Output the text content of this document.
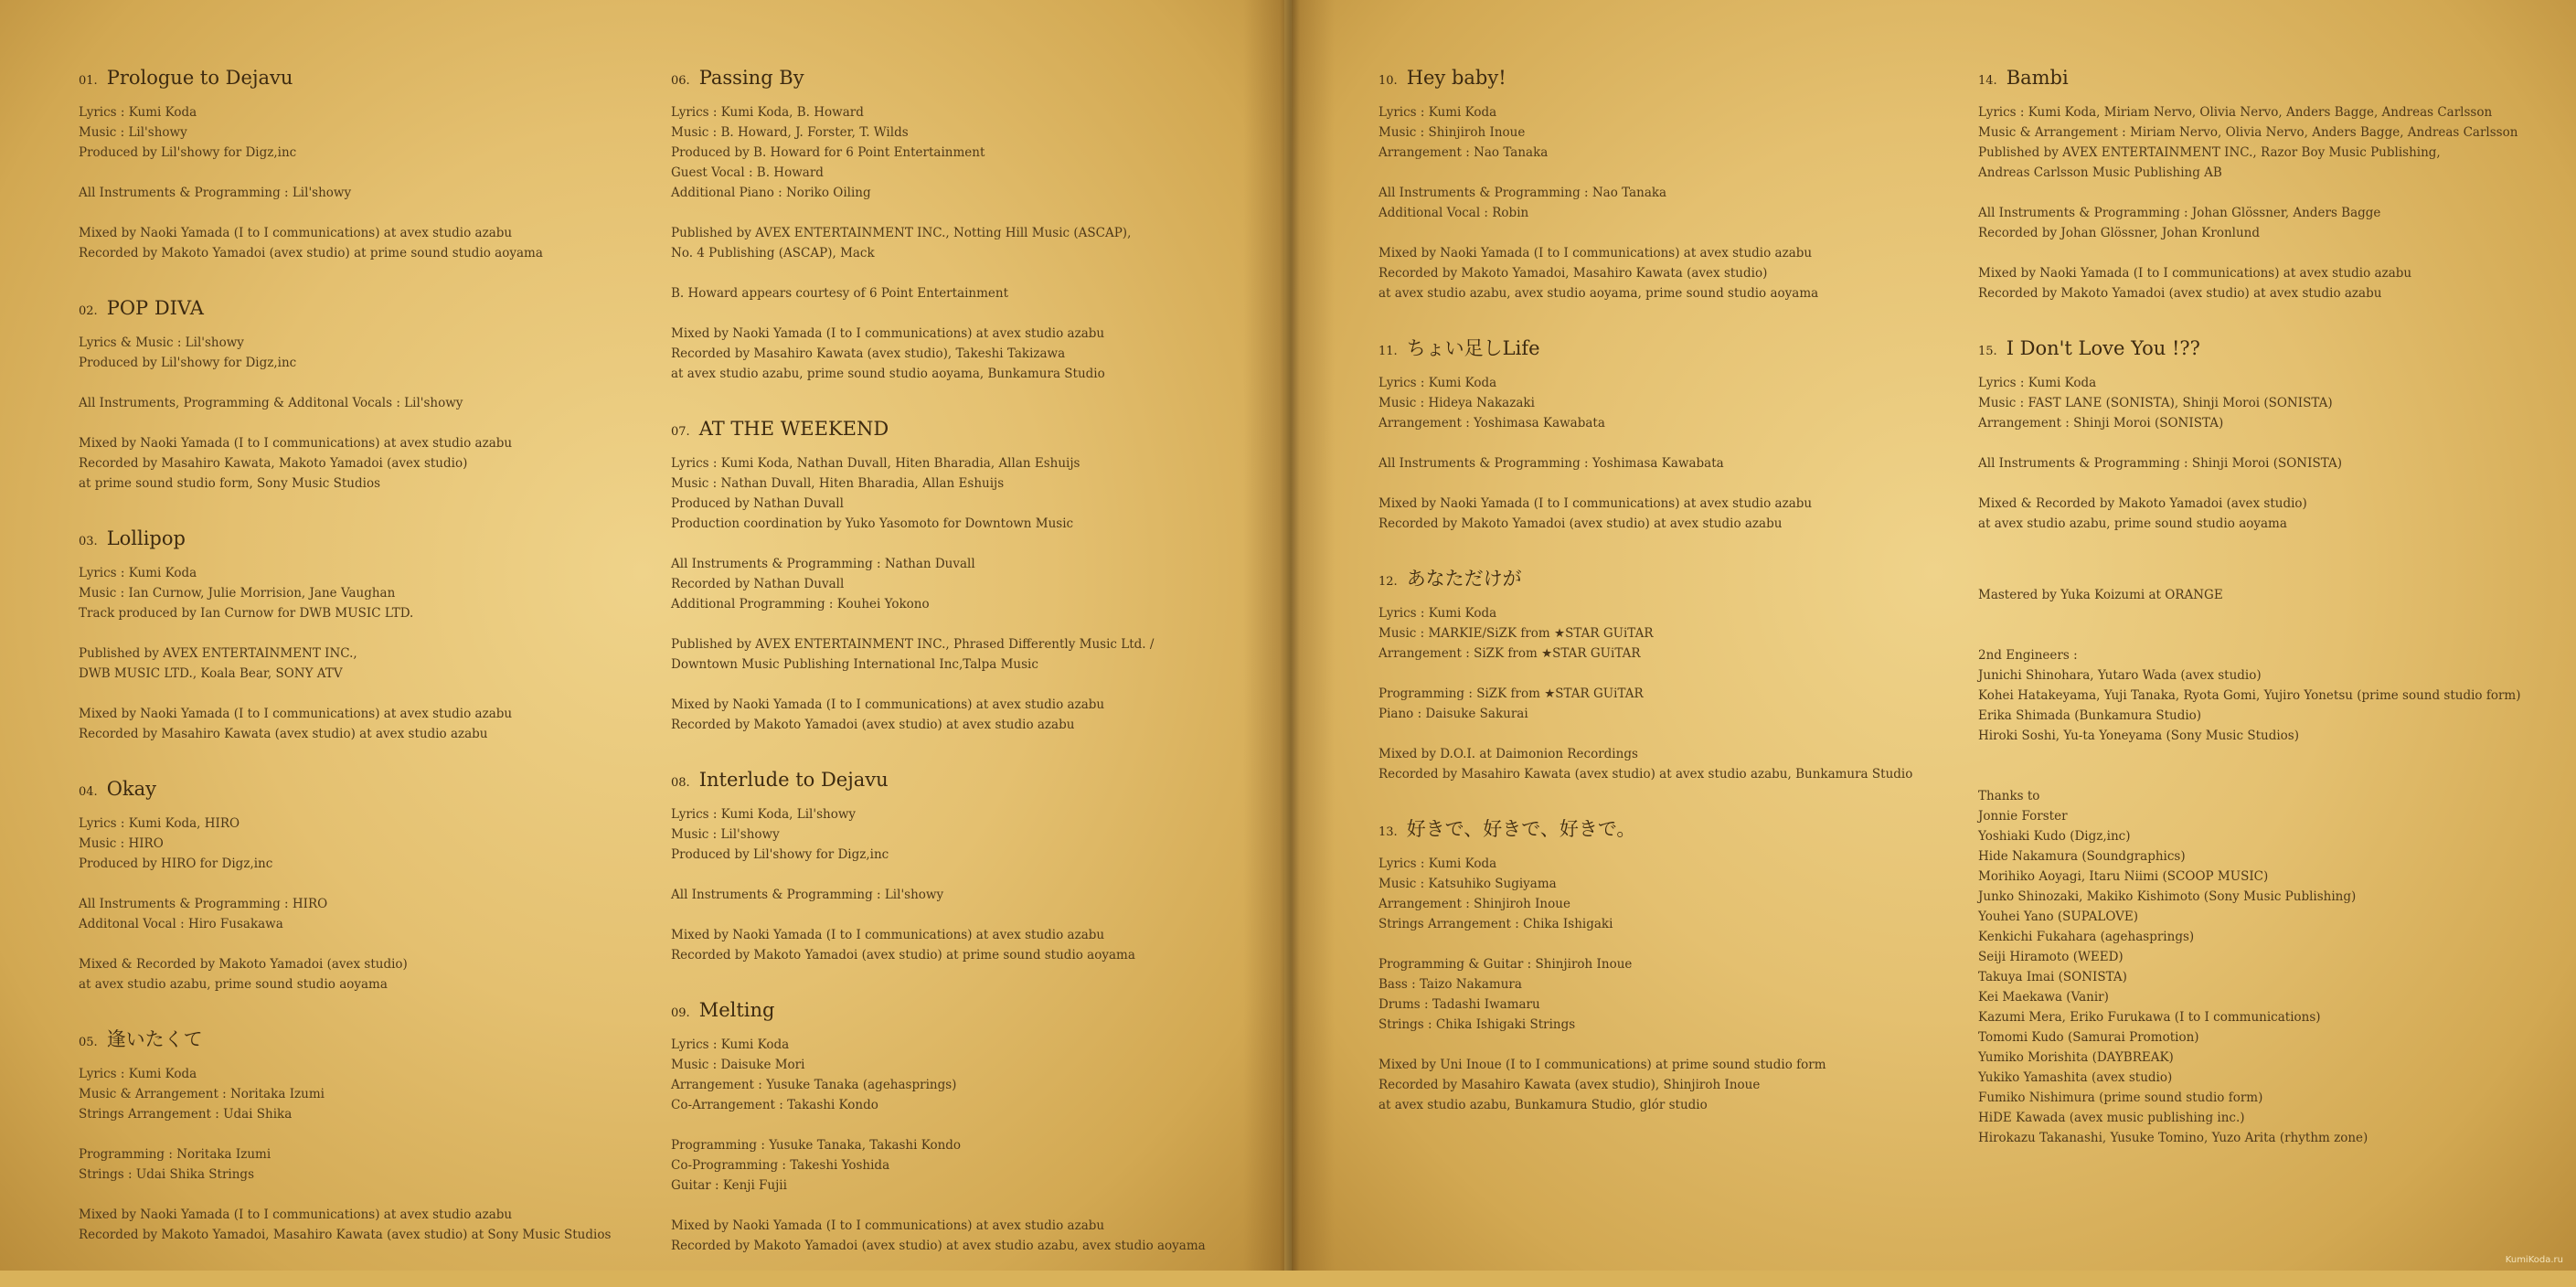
01. Prologue to Dejavu
Lyrics : Kumi Koda
Music : Lil'showy
Produced by Lil'showy for Digz,inc
All Instruments & Programming : Lil'showy
Mixed by Naoki Yamada (I to I communications) at avex studio azabu
Recorded by Makoto Yamadoi (avex studio) at prime sound studio aoyama
02. POP DIVA
Lyrics & Music : Lil'showy
Produced by Lil'showy for Digz,inc
All Instruments, Programming & Additonal Vocals : Lil'showy
Mixed by Naoki Yamada (I to I communications) at avex studio azabu
Recorded by Masahiro Kawata, Makoto Yamadoi (avex studio)
at prime sound studio form, Sony Music Studios
03. Lollipop
Lyrics : Kumi Koda
Music : Ian Curnow, Julie Morrision, Jane Vaughan
Track produced by Ian Curnow for DWB MUSIC LTD.
Published by AVEX ENTERTAINMENT INC.,
DWB MUSIC LTD., Koala Bear, SONY ATV
Mixed by Naoki Yamada (I to I communications) at avex studio azabu
Recorded by Masahiro Kawata (avex studio) at avex studio azabu
04. Okay
Lyrics : Kumi Koda, HIRO
Music : HIRO
Produced by HIRO for Digz,inc
All Instruments & Programming : HIRO
Additonal Vocal : Hiro Fusakawa
Mixed & Recorded by Makoto Yamadoi (avex studio)
at avex studio azabu, prime sound studio aoyama
05. 逢いたくて
Lyrics : Kumi Koda
Music & Arrangement : Noritaka Izumi
Strings Arrangement : Udai Shika
Programming : Noritaka Izumi
Strings : Udai Shika Strings
Mixed by Naoki Yamada (I to I communications) at avex studio azabu
Recorded by Makoto Yamadoi, Masahiro Kawata (avex studio) at Sony Music Studios
06. Passing By
Lyrics : Kumi Koda, B. Howard
Music : B. Howard, J. Forster, T. Wilds
Produced by B. Howard for 6 Point Entertainment
Guest Vocal : B. Howard
Additional Piano : Noriko Oiling
Published by AVEX ENTERTAINMENT INC., Notting Hill Music (ASCAP),
No. 4 Publishing (ASCAP), Mack
B. Howard appears courtesy of 6 Point Entertainment
Mixed by Naoki Yamada (I to I communications) at avex studio azabu
Recorded by Masahiro Kawata (avex studio), Takeshi Takizawa
at avex studio azabu, prime sound studio aoyama, Bunkamura Studio
07. AT THE WEEKEND
Lyrics : Kumi Koda, Nathan Duvall, Hiten Bharadia, Allan Eshuijs
Music : Nathan Duvall, Hiten Bharadia, Allan Eshuijs
Produced by Nathan Duvall
Production coordination by Yuko Yasomoto for Downtown Music
All Instruments & Programming : Nathan Duvall
Recorded by Nathan Duvall
Additional Programming : Kouhei Yokono
Published by AVEX ENTERTAINMENT INC., Phrased Differently Music Ltd. /
Downtown Music Publishing International Inc,Talpa Music
Mixed by Naoki Yamada (I to I communications) at avex studio azabu
Recorded by Makoto Yamadoi (avex studio) at avex studio azabu
08. Interlude to Dejavu
Lyrics : Kumi Koda, Lil'showy
Music : Lil'showy
Produced by Lil'showy for Digz,inc
All Instruments & Programming : Lil'showy
Mixed by Naoki Yamada (I to I communications) at avex studio azabu
Recorded by Makoto Yamadoi (avex studio) at prime sound studio aoyama
09. Melting
Lyrics : Kumi Koda
Music : Daisuke Mori
Arrangement : Yusuke Tanaka (agehasprings)
Co-Arrangement : Takashi Kondo
Programming : Yusuke Tanaka, Takashi Kondo
Co-Programming : Takeshi Yoshida
Guitar : Kenji Fujii
Mixed by Naoki Yamada (I to I communications) at avex studio azabu
Recorded by Makoto Yamadoi (avex studio) at avex studio azabu, avex studio aoyama
10. Hey baby!
Lyrics : Kumi Koda
Music : Shinjiroh Inoue
Arrangement : Nao Tanaka
All Instruments & Programming : Nao Tanaka
Additional Vocal : Robin
Mixed by Naoki Yamada (I to I communications) at avex studio azabu
Recorded by Makoto Yamadoi, Masahiro Kawata (avex studio)
at avex studio azabu, avex studio aoyama, prime sound studio aoyama
11. ちょい足しLife
Lyrics : Kumi Koda
Music : Hideya Nakazaki
Arrangement : Yoshimasa Kawabata
All Instruments & Programming : Yoshimasa Kawabata
Mixed by Naoki Yamada (I to I communications) at avex studio azabu
Recorded by Makoto Yamadoi (avex studio) at avex studio azabu
12. あなただけが
Lyrics : Kumi Koda
Music : MARKIE/SiZK from ★STAR GUiTAR
Arrangement : SiZK from ★STAR GUiTAR
Programming : SiZK from ★STAR GUiTAR
Piano : Daisuke Sakurai
Mixed by D.O.I. at Daimonion Recordings
Recorded by Masahiro Kawata (avex studio) at avex studio azabu, Bunkamura Studio
13. 好きで、好きで、好きで。
Lyrics : Kumi Koda
Music : Katsuhiko Sugiyama
Arrangement : Shinjiroh Inoue
Strings Arrangement : Chika Ishigaki
Programming & Guitar : Shinjiroh Inoue
Bass : Taizo Nakamura
Drums : Tadashi Iwamaru
Strings : Chika Ishigaki Strings
Mixed by Uni Inoue (I to I communications) at prime sound studio form
Recorded by Masahiro Kawata (avex studio), Shinjiroh Inoue
at avex studio azabu, Bunkamura Studio, glór studio
14. Bambi
Lyrics : Kumi Koda, Miriam Nervo, Olivia Nervo, Anders Bagge, Andreas Carlsson
Music & Arrangement : Miriam Nervo, Olivia Nervo, Anders Bagge, Andreas Carlsson
Published by AVEX ENTERTAINMENT INC., Razor Boy Music Publishing,
Andreas Carlsson Music Publishing AB
All Instruments & Programming : Johan Glössner, Anders Bagge
Recorded by Johan Glössner, Johan Kronlund
Mixed by Naoki Yamada (I to I communications) at avex studio azabu
Recorded by Makoto Yamadoi (avex studio) at avex studio azabu
15. I Don't Love You !??
Lyrics : Kumi Koda
Music : FAST LANE (SONISTA), Shinji Moroi (SONISTA)
Arrangement : Shinji Moroi (SONISTA)
All Instruments & Programming : Shinji Moroi (SONISTA)
Mixed & Recorded by Makoto Yamadoi (avex studio)
at avex studio azabu, prime sound studio aoyama
Mastered by Yuka Koizumi at ORANGE
2nd Engineers :
Junichi Shinohara, Yutaro Wada (avex studio)
Kohei Hatakeyama, Yuji Tanaka, Ryota Gomi, Yujiro Yonetsu (prime sound studio form)
Erika Shimada (Bunkamura Studio)
Hiroki Soshi, Yu-ta Yoneyama (Sony Music Studios)
Thanks to
Jonnie Forster
Yoshiaki Kudo (Digz,inc)
Hide Nakamura (Soundgraphics)
Morihiko Aoyagi, Itaru Niimi (SCOOP MUSIC)
Junko Shinozaki, Makiko Kishimoto (Sony Music Publishing)
Youhei Yano (SUPALOVE)
Kenkichi Fukahara (agehasprings)
Seiji Hiramoto (WEED)
Takuya Imai (SONISTA)
Kei Maekawa (Vanir)
Kazumi Mera, Eriko Furukawa (I to I communications)
Tomomi Kudo (Samurai Promotion)
Yumiko Morishita (DAYBREAK)
Yukiko Yamashita (avex studio)
Fumiko Nishimura (prime sound studio form)
HiDE Kawada (avex music publishing inc.)
Hirokazu Takanashi, Yusuke Tomino, Yuzo Arita (rhythm zone)
KumiKoda.ru
